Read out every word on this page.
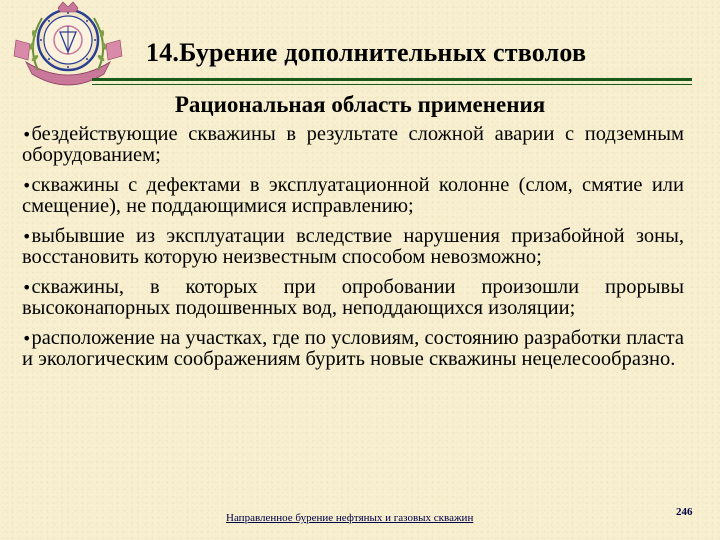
14.Бурение дополнительных стволов
Рациональная область применения
•бездействующие скважины в результате сложной аварии с подземным оборудованием;
•скважины с дефектами в эксплуатационной колонне (слом, смятие или смещение), не поддающимися исправлению;
•выбывшие из эксплуатации вследствие нарушения призабойной зоны, восстановить которую неизвестным способом невозможно;
•скважины, в которых при опробовании произошли прорывы высоконапорных подошвенных вод, неподдающихся изоляции;
•расположение на участках, где по условиям, состоянию разработки пласта и экологическим соображениям бурить новые скважины нецелесообразно.
Направленное бурение нефтяных и газовых скважин	246
